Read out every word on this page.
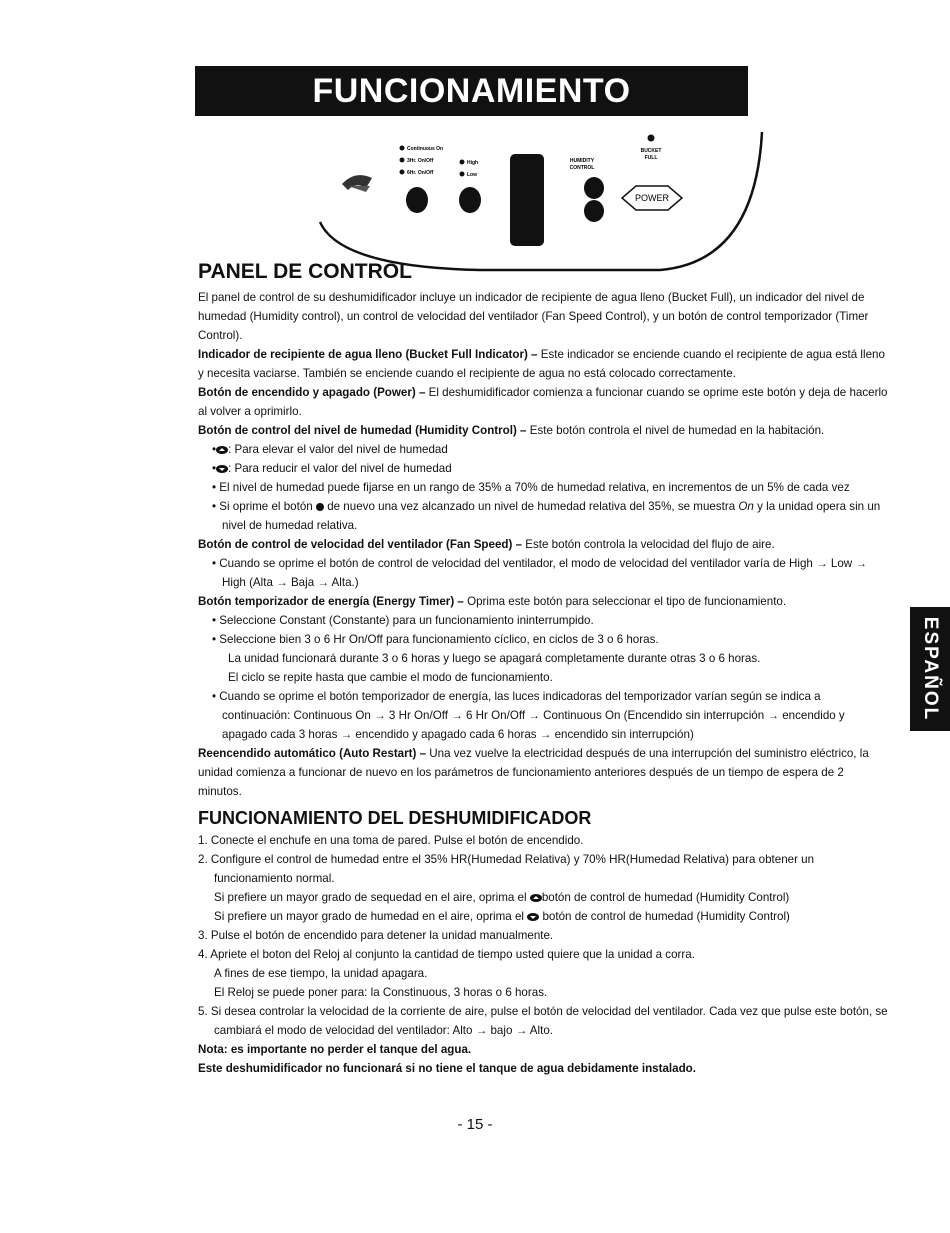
FUNCIONAMIENTO
Continuous On
3Hr. On/Off
6Hr. On/Off
High
Low
HUMIDITY
CONTROL
BUCKET
FULL
POWER
ESPAÑOL
PANEL DE CONTROL

El panel de control de su deshumidificador incluye un indicador de recipiente de agua lleno (Bucket Full), un indicador del nivel de humedad (Humidity control), un control de velocidad del ventilador (Fan Speed Control), y un botón de control temporizador (Timer Control).

Indicador de recipiente de agua lleno (Bucket Full Indicator) – Este indicador se enciende cuando el recipiente de agua está lleno y necesita vaciarse. También se enciende cuando el recipiente de agua no está colocado correctamente.

Botón de encendido y apagado (Power) – El deshumidificador comienza a funcionar cuando se oprime este botón y deja de hacerlo al volver a oprimirlo.

Botón de control del nivel de humedad (Humidity Control) – Este botón controla el nivel de humedad en la habitación.

• : Para elevar el valor del nivel de humedad

• : Para reducir el valor del nivel de humedad

• El nivel de humedad puede fijarse en un rango de 35% a 70% de humedad relativa, en incrementos de un 5% de cada vez

• Si oprime el botón  de nuevo una vez alcanzado un nivel de humedad relativa del 35%, se muestra On y la unidad opera sin un nivel de humedad relativa.

Botón de control de velocidad del ventilador (Fan Speed) – Este botón controla la velocidad del flujo de aire.

• Cuando se oprime el botón de control de velocidad del ventilador, el modo de velocidad del ventilador varía de High → Low → High (Alta → Baja → Alta.)

Botón temporizador de energía (Energy Timer) – Oprima este botón para seleccionar el tipo de funcionamiento.

• Seleccione Constant (Constante) para un funcionamiento ininterrumpido.

• Seleccione bien 3 o 6 Hr On/Off para funcionamiento cíclico, en ciclos de 3 o 6 horas.

La unidad funcionará durante 3 o 6 horas y luego se apagará completamente durante otras 3 o 6 horas.

El ciclo se repite hasta que cambie el modo de funcionamiento.

• Cuando se oprime el botón temporizador de energía, las luces indicadoras del temporizador varían según se indica a continuación: Continuous On → 3 Hr On/Off → 6 Hr On/Off → Continuous On (Encendido sin interrupción → encendido y apagado cada 3 horas → encendido y apagado cada 6 horas → encendido sin interrupción)

Reencendido automático (Auto Restart) – Una vez vuelve la electricidad después de una interrupción del suministro eléctrico, la unidad comienza a funcionar de nuevo en los parámetros de funcionamiento anteriores después de un tiempo de espera de 2 minutos.

FUNCIONAMIENTO DEL DESHUMIDIFICADOR

1. Conecte el enchufe en una toma de pared. Pulse el botón de encendido.

2. Configure el control de humedad entre el 35% HR(Humedad Relativa) y 70% HR(Humedad Relativa) para obtener un funcionamiento normal.

Si prefiere un mayor grado de sequedad en el aire, oprima el botón de control de humedad (Humidity Control)

Si prefiere un mayor grado de humedad en el aire, oprima el  botón de control de humedad (Humidity Control)

3. Pulse el botón de encendido para detener la unidad manualmente.

4. Apriete el boton del Reloj al conjunto la cantidad de tiempo usted quiere que la unidad a corra.

A fines de ese tiempo, la unidad apagara.

El Reloj se puede poner para: la Constinuous, 3 horas o 6 horas.

5. Si desea controlar la velocidad de la corriente de aire, pulse el botón de velocidad del ventilador. Cada vez que pulse este botón, se cambiará el modo de velocidad del ventilador: Alto → bajo → Alto.

Nota: es importante no perder el tanque del agua.

Este deshumidificador no funcionará si no tiene el tanque de agua debidamente instalado.

- 15 -
